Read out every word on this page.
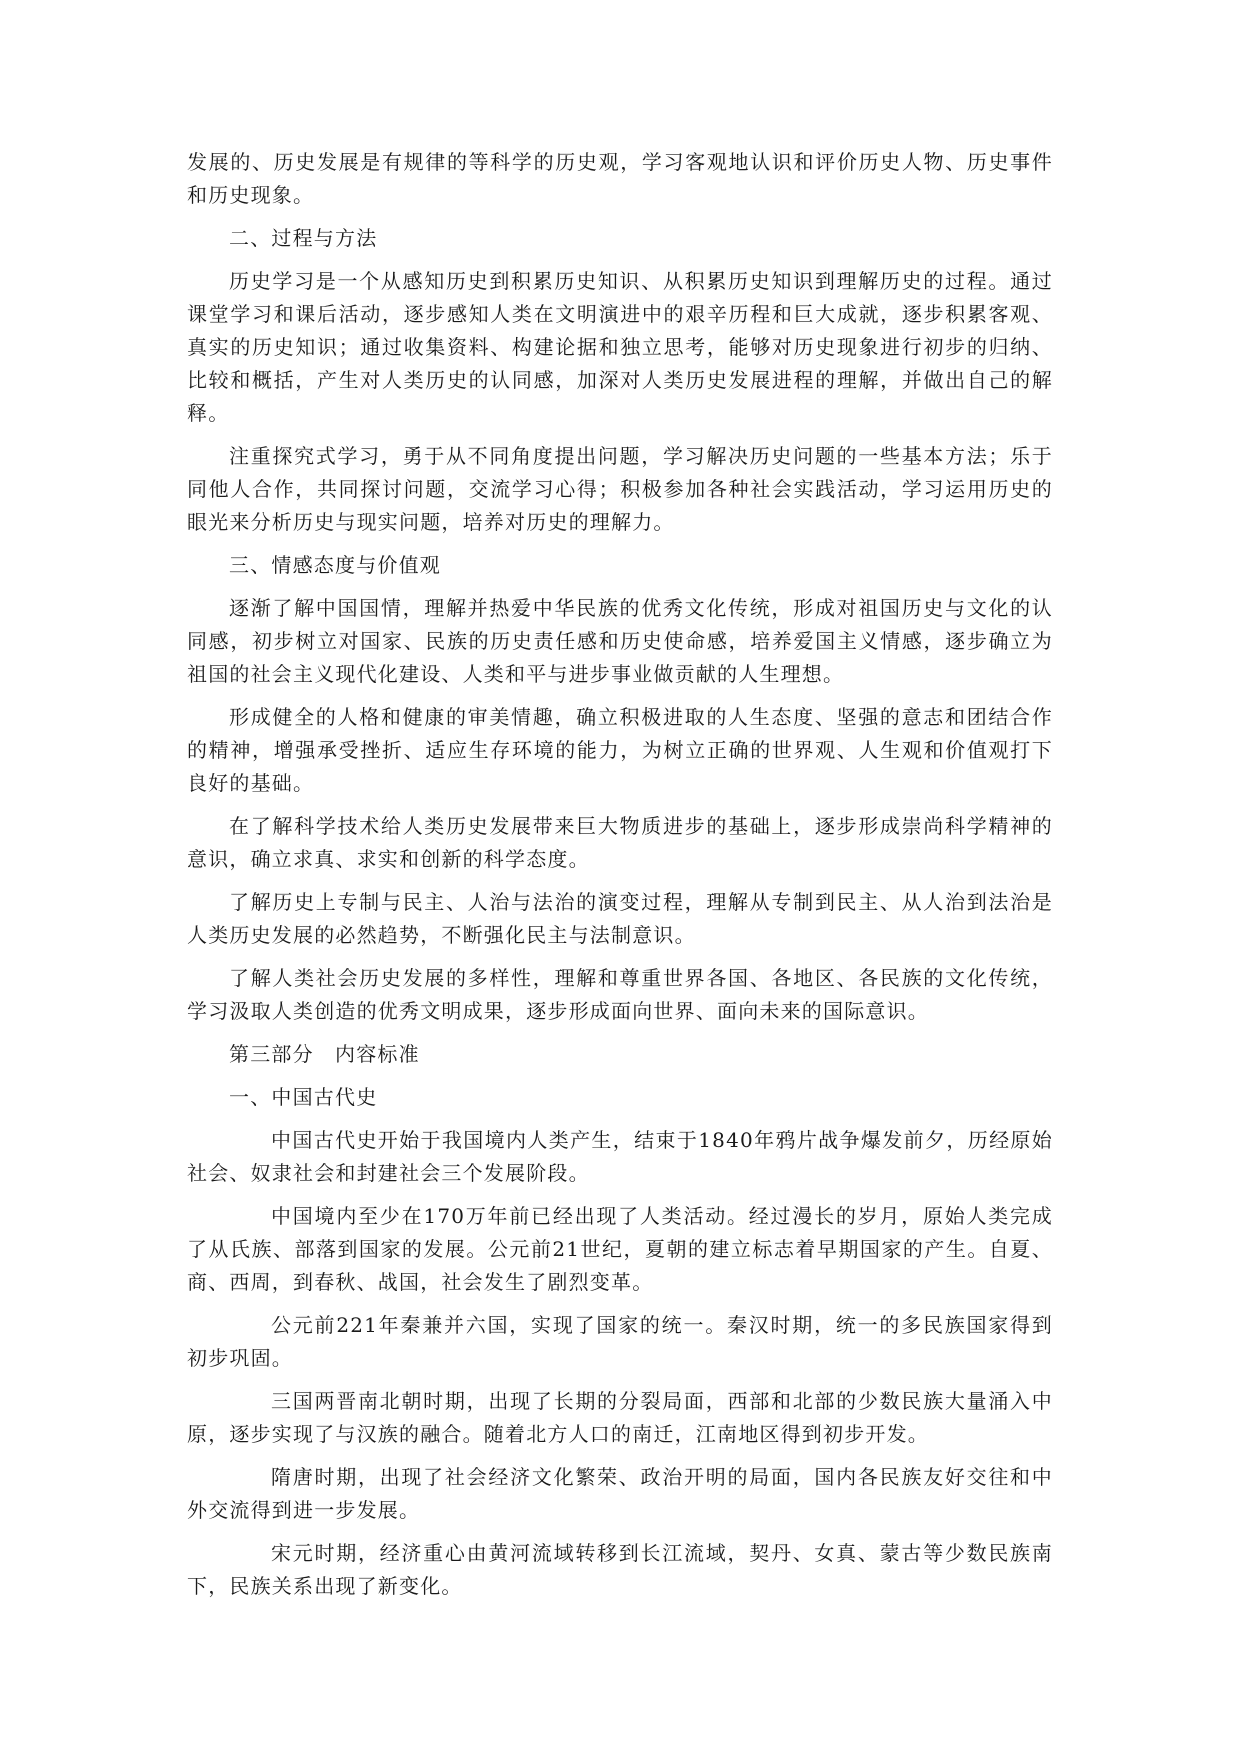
发展的、历史发展是有规律的等科学的历史观，学习客观地认识和评价历史人物、历史事件和历史现象。

二、过程与方法

历史学习是一个从感知历史到积累历史知识、从积累历史知识到理解历史的过程。通过课堂学习和课后活动，逐步感知人类在文明演进中的艰辛历程和巨大成就，逐步积累客观、真实的历史知识；通过收集资料、构建论据和独立思考，能够对历史现象进行初步的归纳、比较和概括，产生对人类历史的认同感，加深对人类历史发展进程的理解，并做出自己的解释。

注重探究式学习，勇于从不同角度提出问题，学习解决历史问题的一些基本方法；乐于同他人合作，共同探讨问题，交流学习心得；积极参加各种社会实践活动，学习运用历史的眼光来分析历史与现实问题，培养对历史的理解力。

三、情感态度与价值观

逐渐了解中国国情，理解并热爱中华民族的优秀文化传统，形成对祖国历史与文化的认同感，初步树立对国家、民族的历史责任感和历史使命感，培养爱国主义情感，逐步确立为祖国的社会主义现代化建设、人类和平与进步事业做贡献的人生理想。

形成健全的人格和健康的审美情趣，确立积极进取的人生态度、坚强的意志和团结合作的精神，增强承受挫折、适应生存环境的能力，为树立正确的世界观、人生观和价值观打下良好的基础。

在了解科学技术给人类历史发展带来巨大物质进步的基础上，逐步形成崇尚科学精神的意识，确立求真、求实和创新的科学态度。

了解历史上专制与民主、人治与法治的演变过程，理解从专制到民主、从人治到法治是人类历史发展的必然趋势，不断强化民主与法制意识。

了解人类社会历史发展的多样性，理解和尊重世界各国、各地区、各民族的文化传统，学习汲取人类创造的优秀文明成果，逐步形成面向世界、面向未来的国际意识。

第三部分　内容标准

一、中国古代史

中国古代史开始于我国境内人类产生，结束于1840年鸦片战争爆发前夕，历经原始社会、奴隶社会和封建社会三个发展阶段。

中国境内至少在170万年前已经出现了人类活动。经过漫长的岁月，原始人类完成了从氏族、部落到国家的发展。公元前21世纪，夏朝的建立标志着早期国家的产生。自夏、商、西周，到春秋、战国，社会发生了剧烈变革。

公元前221年秦兼并六国，实现了国家的统一。秦汉时期，统一的多民族国家得到初步巩固。

三国两晋南北朝时期，出现了长期的分裂局面，西部和北部的少数民族大量涌入中原，逐步实现了与汉族的融合。随着北方人口的南迁，江南地区得到初步开发。

隋唐时期，出现了社会经济文化繁荣、政治开明的局面，国内各民族友好交往和中外交流得到进一步发展。

宋元时期，经济重心由黄河流域转移到长江流域，契丹、女真、蒙古等少数民族南下，民族关系出现了新变化。
